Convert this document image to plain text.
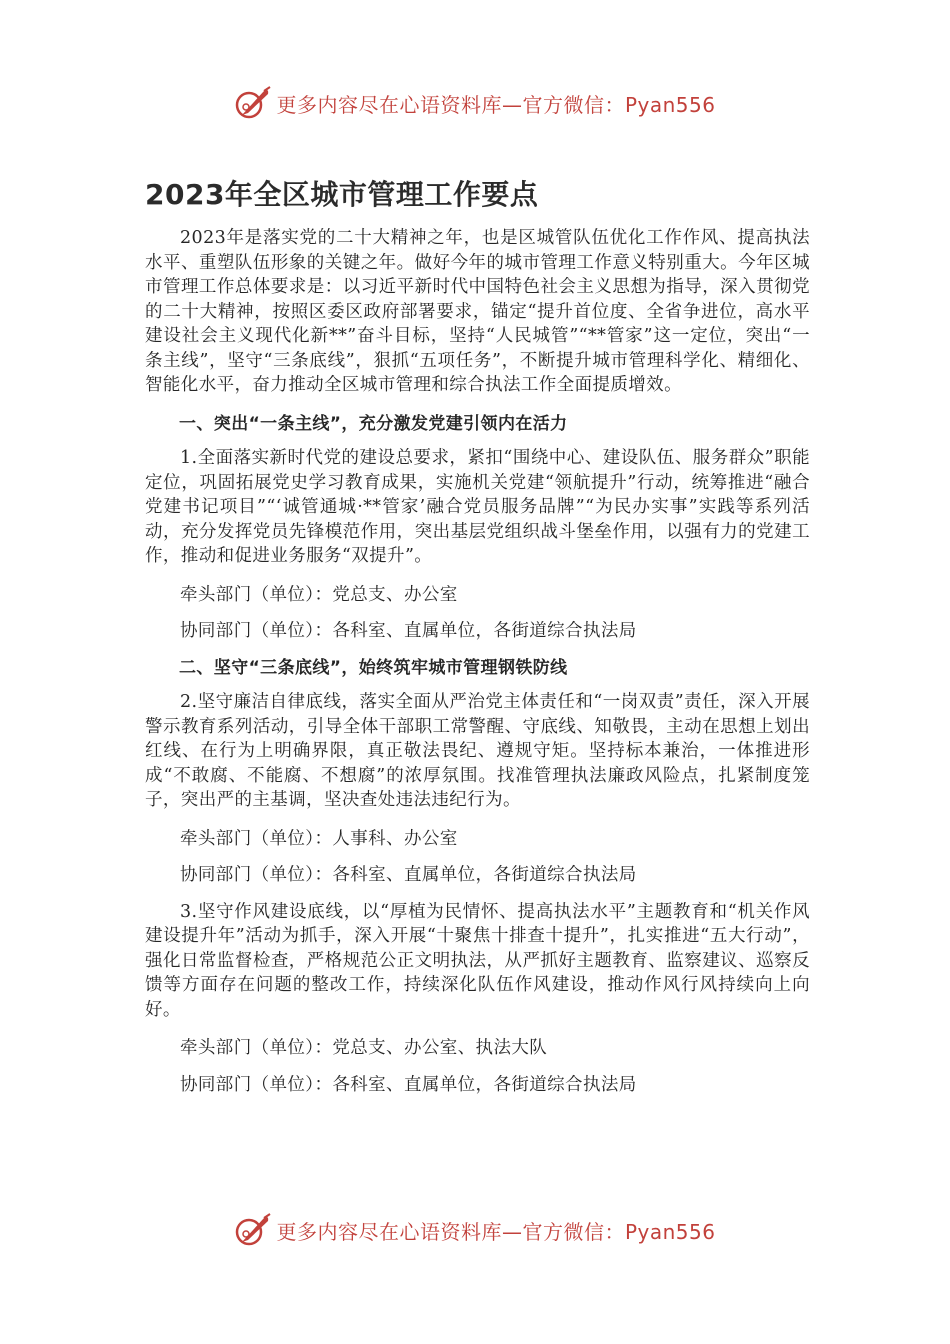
更多内容尽在心语资料库—官方微信：Pyan556
2023年全区城市管理工作要点

2023年是落实党的二十大精神之年，也是区城管队伍优化工作作风、提高执法水平、重塑队伍形象的关键之年。做好今年的城市管理工作意义特别重大。今年区城市管理工作总体要求是：以习近平新时代中国特色社会主义思想为指导，深入贯彻党的二十大精神，按照区委区政府部署要求，锚定“提升首位度、全省争进位，高水平建设社会主义现代化新**”奋斗目标，坚持“人民城管”“**管家”这一定位，突出“一条主线”，坚守“三条底线”，狠抓“五项任务”，不断提升城市管理科学化、精细化、智能化水平，奋力推动全区城市管理和综合执法工作全面提质增效。

一、突出“一条主线”，充分激发党建引领内在活力

1.全面落实新时代党的建设总要求，紧扣“围绕中心、建设队伍、服务群众”职能定位，巩固拓展党史学习教育成果，实施机关党建“领航提升”行动，统筹推进“融合党建书记项目”“‘诚管通城·**管家’融合党员服务品牌”“为民办实事”实践等系列活动，充分发挥党员先锋模范作用，突出基层党组织战斗堡垒作用，以强有力的党建工作，推动和促进业务服务“双提升”。

牵头部门（单位）：党总支、办公室

协同部门（单位）：各科室、直属单位，各街道综合执法局

二、坚守“三条底线”，始终筑牢城市管理钢铁防线

2.坚守廉洁自律底线，落实全面从严治党主体责任和“一岗双责”责任，深入开展警示教育系列活动，引导全体干部职工常警醒、守底线、知敬畏，主动在思想上划出红线、在行为上明确界限，真正敬法畏纪、遵规守矩。坚持标本兼治，一体推进形成“不敢腐、不能腐、不想腐”的浓厚氛围。找准管理执法廉政风险点，扎紧制度笼子，突出严的主基调，坚决查处违法违纪行为。

牵头部门（单位）：人事科、办公室

协同部门（单位）：各科室、直属单位，各街道综合执法局

3.坚守作风建设底线，以“厚植为民情怀、提高执法水平”主题教育和“机关作风建设提升年”活动为抓手，深入开展“十聚焦十排查十提升”，扎实推进“五大行动”，强化日常监督检查，严格规范公正文明执法，从严抓好主题教育、监察建议、巡察反馈等方面存在问题的整改工作，持续深化队伍作风建设，推动作风行风持续向上向好。

牵头部门（单位）：党总支、办公室、执法大队

协同部门（单位）：各科室、直属单位，各街道综合执法局

更多内容尽在心语资料库—官方微信：Pyan556
